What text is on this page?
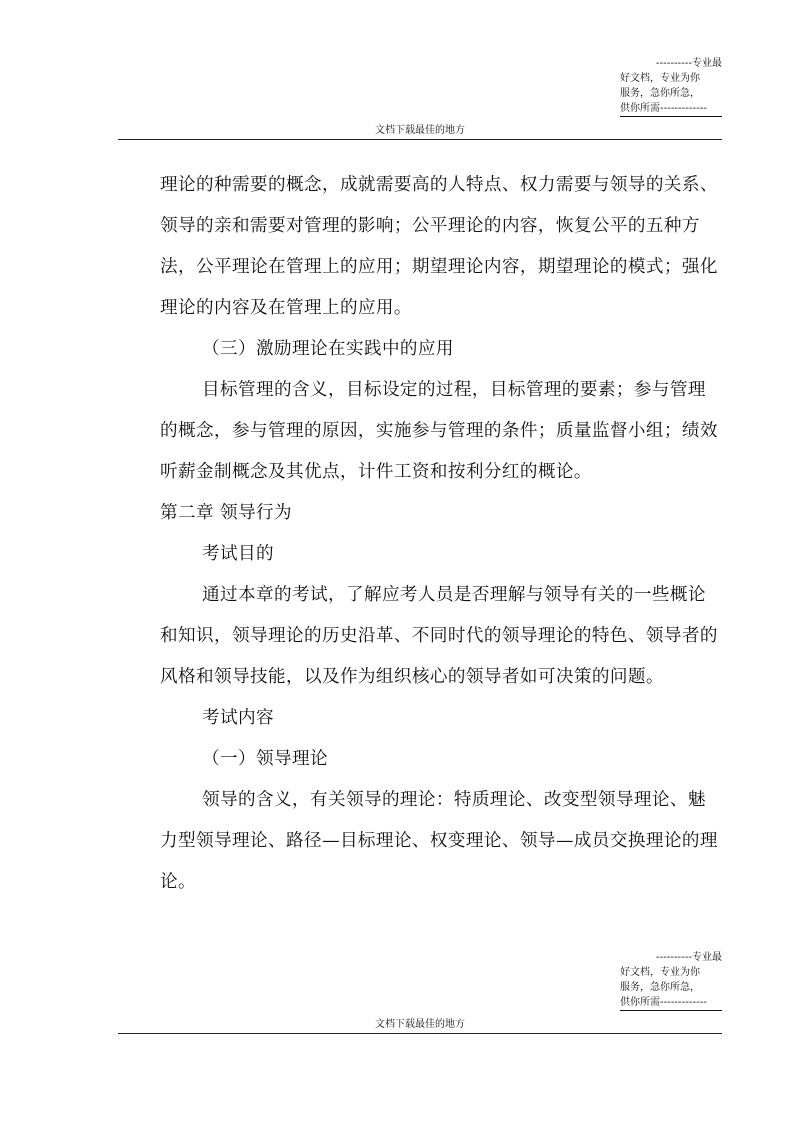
----------专业最
好文档，专业为你
服务，急你所急，
供你所需-------------
文档下载最佳的地方

理论的种需要的概念，成就需要高的人特点、权力需要与领导的关系、领导的亲和需要对管理的影响；公平理论的内容，恢复公平的五种方法，公平理论在管理上的应用；期望理论内容，期望理论的模式；强化理论的内容及在管理上的应用。

（三）激励理论在实践中的应用

目标管理的含义，目标设定的过程，目标管理的要素；参与管理的概念，参与管理的原因，实施参与管理的条件；质量监督小组；绩效听薪金制概念及其优点，计件工资和按利分红的概论。

第二章 领导行为

考试目的

通过本章的考试，了解应考人员是否理解与领导有关的一些概论和知识，领导理论的历史沿革、不同时代的领导理论的特色、领导者的风格和领导技能，以及作为组织核心的领导者如可决策的问题。

考试内容

（一）领导理论

领导的含义，有关领导的理论：特质理论、改变型领导理论、魅力型领导理论、路径—目标理论、权变理论、领导—成员交换理论的理论。

----------专业最
好文档，专业为你
服务，急你所急，
供你所需-------------
文档下载最佳的地方
